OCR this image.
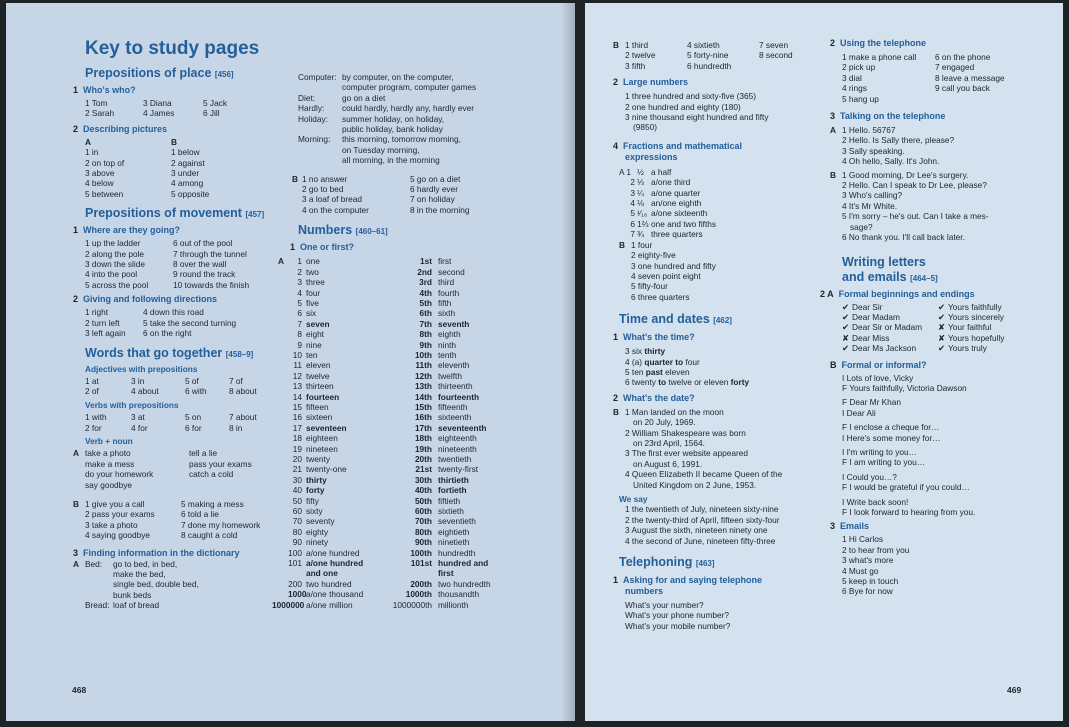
Key to study pages
Prepositions of place [456]
1 Who's who?
1 Tom	3 Diana	5 Jack
2 Sarah	4 James	6 Jill
2 Describing pictures
A	B
1 in	1 below
2 on top of	2 against
3 above	3 under
4 below	4 among
5 between	5 opposite
Prepositions of movement [457]
1 Where are they going?
1 up the ladder	6 out of the pool
2 along the pole	7 through the tunnel
3 down the slide	8 over the wall
4 into the pool	9 round the track
5 across the pool	10 towards the finish
2 Giving and following directions
1 right	4 down this road
2 turn left	5 take the second turning
3 left again	6 on the right
Words that go together [458–9]
Adjectives with prepositions
1 at	3 in	5 of	7 of
2 of	4 about	6 with	8 about
Verbs with prepositions
1 with	3 at	5 on	7 about
2 for	4 for	6 for	8 in
Verb + noun
A take a photo	tell a lie
make a mess	pass your exams
do your homework	catch a cold
say goodbye
B 1 give you a call	5 making a mess
2 pass your exams	6 told a lie
3 take a photo	7 done my homework
4 saying goodbye	8 caught a cold
3 Finding information in the dictionary
A Bed:	go to bed, in bed,
make the bed,
single bed, double bed,
bunk beds
Bread: loaf of bread
468
Computer: by computer, on the computer,
computer program, computer games
Diet:	go on a diet
Hardly:	could hardly, hardly any, hardly ever
Holiday:	summer holiday, on holiday,
public holiday, bank holiday
Morning:	this morning, tomorrow morning,
on Tuesday morning,
all morning, in the morning
B 1 no answer	5 go on a diet
2 go to bed	6 hardly ever
3 a loaf of bread	7 on holiday
4 on the computer	8 in the morning
Numbers [460–61]
1 One or first?
A	1 one	1st first
2 two	2nd second
3 three	3rd third
4 four	4th fourth
5 five	5th fifth
6 six	6th sixth
7 seven	7th seventh
8 eight	8th eighth
9 nine	9th ninth
10 ten	10th tenth
11 eleven	11th eleventh
12 twelve	12th twelfth
13 thirteen	13th thirteenth
14 fourteen	14th fourteenth
15 fifteen	15th fifteenth
16 sixteen	16th sixteenth
17 seventeen	17th seventeenth
18 eighteen	18th eighteenth
19 nineteen	19th nineteenth
20 twenty	20th twentieth
21 twenty-one	21st twenty-first
30 thirty	30th thirtieth
40 forty	40th fortieth
50 fifty	50th fiftieth
60 sixty	60th sixtieth
70 seventy	70th seventieth
80 eighty	80th eightieth
90 ninety	90th ninetieth
100 a/one hundred	100th hundredth
101 a/one hundred	101st hundred and
and one	first
200 two hundred	200th two hundredth
1000 a/one thousand	1000th thousandth
1000000 a/one million	1000000th millionth
B 1 third	4 sixtieth	7 seven
2 twelve	5 forty-nine	8 second
3 fifth	6 hundredth
2 Large numbers
1 three hundred and sixty-five (365)
2 one hundred and eighty (180)
3 nine thousand eight hundred and fifty
(9850)
4 Fractions and mathematical
expressions
A 1 ½ a half
2 ⅓ a/one third
3 ¼ a/one quarter
4 ⅛ an/one eighth
5 ¹⁄₁₆ a/one sixteenth
6 1⅔ one and two fifths
7 ¾ three quarters
B 1 four
2 eighty-five
3 one hundred and fifty
4 seven point eight
5 fifty-four
6 three quarters
Time and dates [462]
1 What's the time?
3 six thirty
4 (a) quarter to four
5 ten past eleven
6 twenty to twelve or eleven forty
2 What's the date?
B 1 Man landed on the moon
on 20 July, 1969.
2 William Shakespeare was born
on 23rd April, 1564.
3 The first ever website appeared
on August 6, 1991.
4 Queen Elizabeth II became Queen of the
United Kingdom on 2 June, 1953.
We say
1 the twentieth of July, nineteen sixty-nine
2 the twenty-third of April, fifteen sixty-four
3 August the sixth, nineteen ninety one
4 the second of June, nineteen fifty-three
Telephoning [463]
1 Asking for and saying telephone
numbers
What's your number?
What's your phone number?
What's your mobile number?
2 Using the telephone
1 make a phone call	6 on the phone
2 pick up	7 engaged
3 dial	8 leave a message
4 rings	9 call you back
5 hang up
3 Talking on the telephone
A 1 Hello. 56767
2 Hello. Is Sally there, please?
3 Sally speaking.
4 Oh hello, Sally. It's John.
B 1 Good morning, Dr Lee's surgery.
2 Hello. Can I speak to Dr Lee, please?
3 Who's calling?
4 It's Mr White.
5 I'm sorry – he's out. Can I take a mes-
sage?
6 No thank you. I'll call back later.
Writing letters
and emails [464–5]
2 A Formal beginnings and endings
✔ Dear Sir	✔ Yours faithfully
✔ Dear Madam	✔ Yours sincerely
✔ Dear Sir or Madam	✘ Your faithful
✘ Dear Miss	✘ Yours hopefully
✔ Dear Ms Jackson	✔ Yours truly
B Formal or informal?
I Lots of love, Vicky
F Yours faithfully, Victoria Dawson
F Dear Mr Khan
I Dear Ali
F I enclose a cheque for…
I Here's some money for…
I I'm writing to you…
F I am writing to you…
I Could you…?
F I would be grateful if you could…
I Write back soon!
F I look forward to hearing from you.
3 Emails
1 Hi Carlos
2 to hear from you
3 what's more
4 Must go
5 keep in touch
6 Bye for now
469
